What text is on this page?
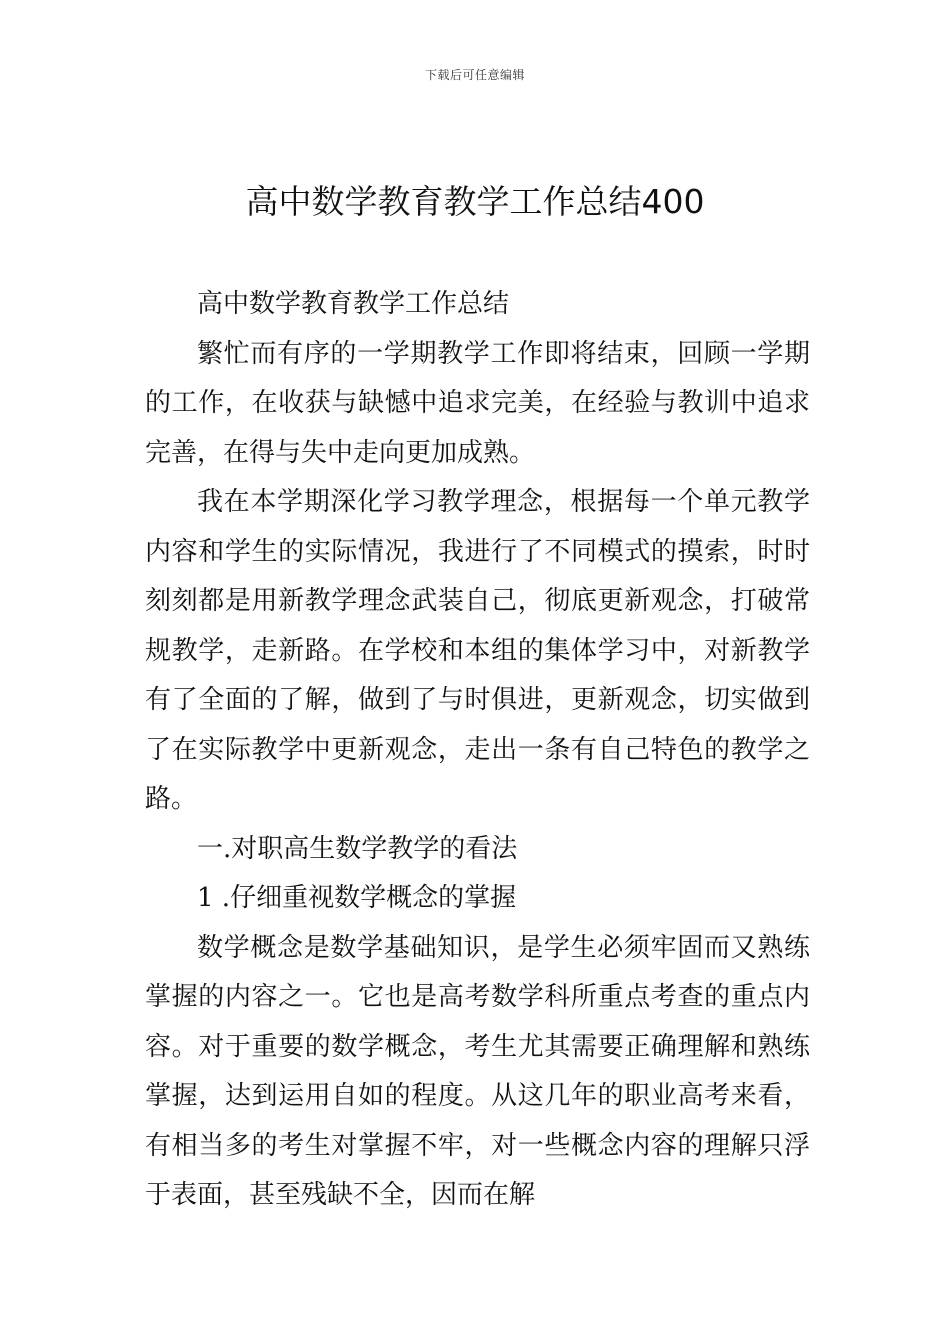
下载后可任意编辑
高中数学教育教学工作总结400

高中数学教育教学工作总结

繁忙而有序的一学期教学工作即将结束，回顾一学期的工作，在收获与缺憾中追求完美，在经验与教训中追求完善，在得与失中走向更加成熟。

我在本学期深化学习教学理念，根据每一个单元教学内容和学生的实际情况，我进行了不同模式的摸索，时时刻刻都是用新教学理念武装自己，彻底更新观念，打破常规教学，走新路。在学校和本组的集体学习中，对新教学有了全面的了解，做到了与时俱进，更新观念，切实做到了在实际教学中更新观念，走出一条有自己特色的教学之路。

一.对职高生数学教学的看法

1 .仔细重视数学概念的掌握

数学概念是数学基础知识，是学生必须牢固而又熟练掌握的内容之一。它也是高考数学科所重点考查的重点内容。对于重要的数学概念，考生尤其需要正确理解和熟练掌握，达到运用自如的程度。从这几年的职业高考来看，有相当多的考生对掌握不牢，对一些概念内容的理解只浮于表面，甚至残缺不全，因而在解
